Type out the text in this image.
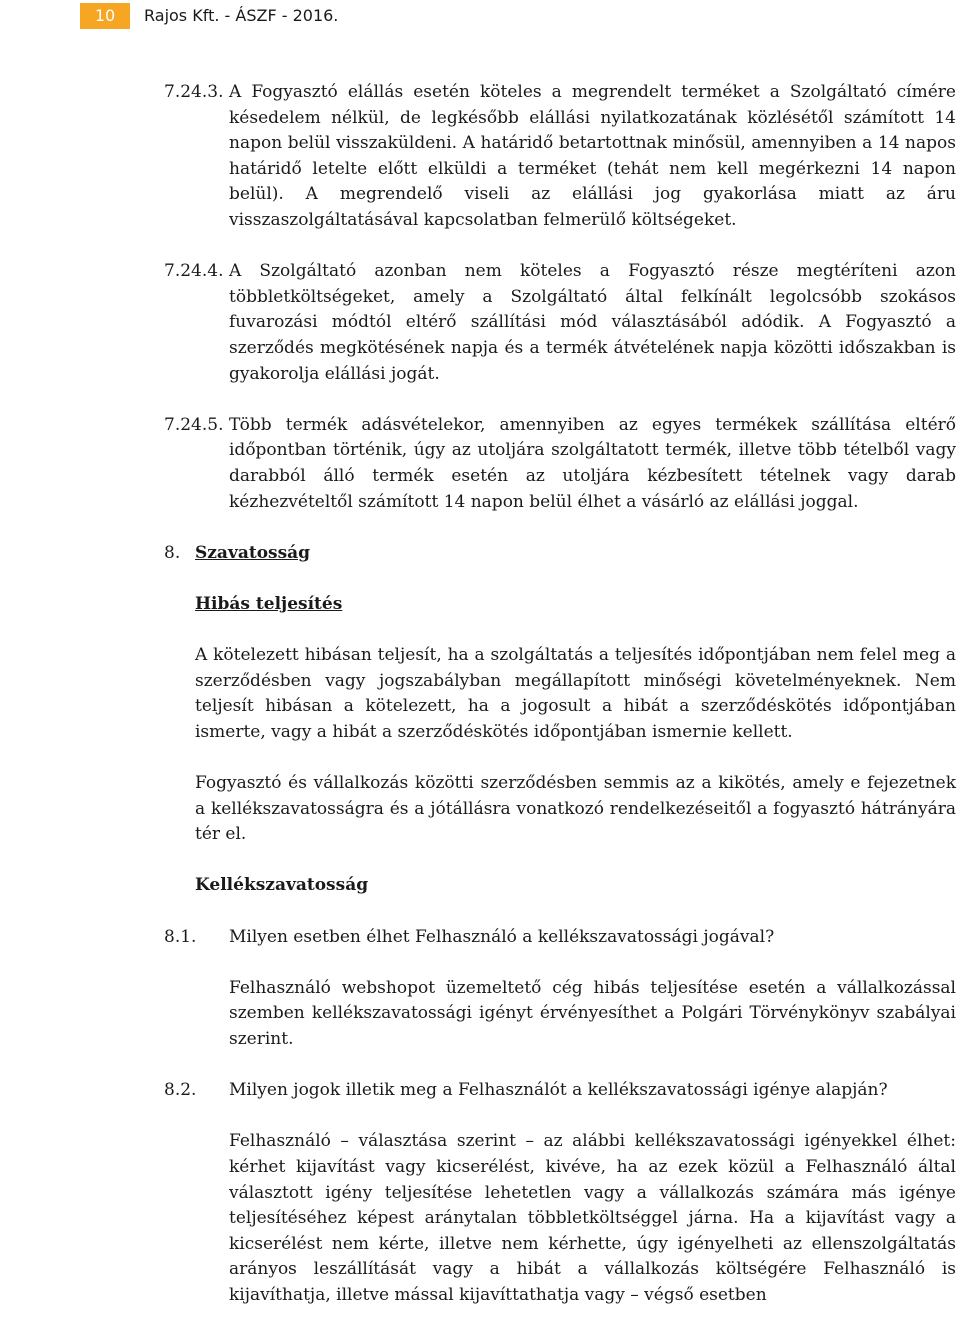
10	Rajos Kft. - ÁSZF - 2016.
7.24.3. A Fogyasztó elállás esetén köteles a megrendelt terméket a Szolgáltató címére késedelem nélkül, de legkésőbb elállási nyilatkozatának közlésétől számított 14 napon belül visszaküldeni. A határidő betartottnak minősül, amennyiben a 14 napos határidő letelte előtt elküldi a terméket (tehát nem kell megérkezni 14 napon belül). A megrendelő viseli az elállási jog gyakorlása miatt az áru visszaszolgáltatásával kapcsolatban felmerülő költségeket.

7.24.4. A Szolgáltató azonban nem köteles a Fogyasztó része megtéríteni azon többletköltségeket, amely a Szolgáltató által felkínált legolcsóbb szokásos fuvarozási módtól eltérő szállítási mód választásából adódik. A Fogyasztó a szerződés megkötésének napja és a termék átvételének napja közötti időszakban is gyakorolja elállási jogát.

7.24.5. Több termék adásvételekor, amennyiben az egyes termékek szállítása eltérő időpontban történik, úgy az utoljára szolgáltatott termék, illetve több tételből vagy darabból álló termék esetén az utoljára kézbesített tételnek vagy darab kézhezvételtől számított 14 napon belül élhet a vásárló az elállási joggal.

8. Szavatosság
Hibás teljesítés

A kötelezett hibásan teljesít, ha a szolgáltatás a teljesítés időpontjában nem felel meg a szerződésben vagy jogszabályban megállapított minőségi követelményeknek. Nem teljesít hibásan a kötelezett, ha a jogosult a hibát a szerződéskötés időpontjában ismerte, vagy a hibát a szerződéskötés időpontjában ismernie kellett.

Fogyasztó és vállalkozás közötti szerződésben semmis az a kikötés, amely e fejezetnek a kellékszavatosságra és a jótállásra vonatkozó rendelkezéseitől a fogyasztó hátrányára tér el.

Kellékszavatosság
8.1.	Milyen esetben élhet Felhasználó a kellékszavatossági jogával?

Felhasználó webshopot üzemeltető cég hibás teljesítése esetén a vállalkozással szemben kellékszavatossági igényt érvényesíthet a Polgári Törvénykönyv szabályai szerint.

8.2.	Milyen jogok illetik meg a Felhasználót a kellékszavatossági igénye alapján?

Felhasználó – választása szerint – az alábbi kellékszavatossági igényekkel élhet: kérhet kijavítást vagy kicserélést, kivéve, ha az ezek közül a Felhasználó által választott igény teljesítése lehetetlen vagy a vállalkozás számára más igénye teljesítéséhez képest aránytalan többletköltséggel járna. Ha a kijavítást vagy a kicserélést nem kérte, illetve nem kérhette, úgy igényelheti az ellenszolgáltatás arányos leszállítását vagy a hibát a vállalkozás költségére Felhasználó is kijavíthatja, illetve mással kijavíttathatja vagy – végső esetben
